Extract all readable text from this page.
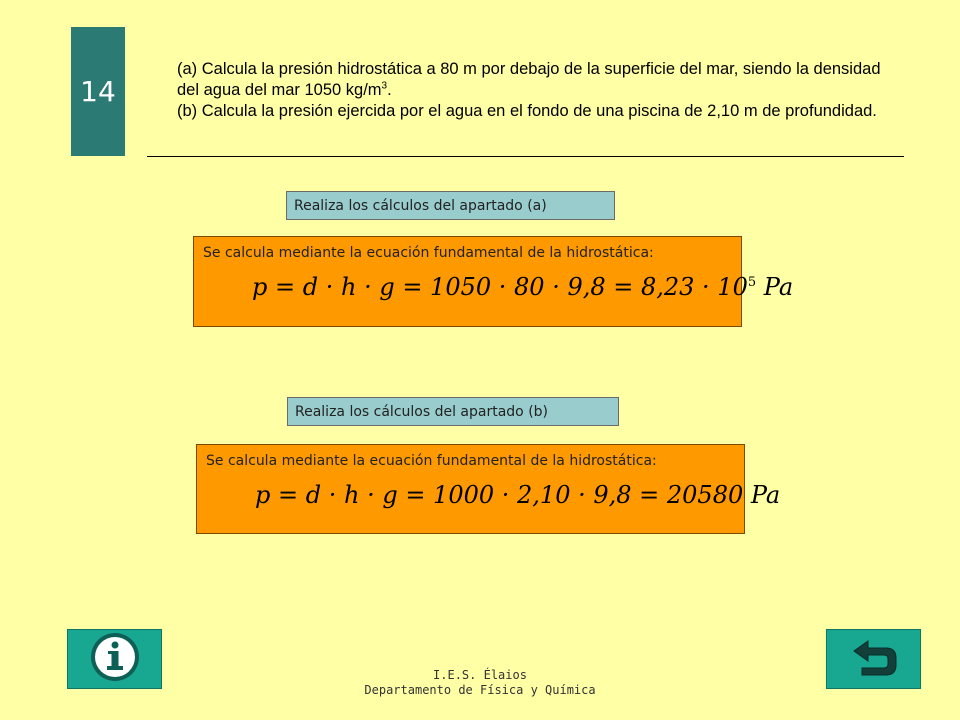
14

(a) Calcula la presión hidrostática a 80 m por debajo de la superficie del mar, siendo la densidad del agua del mar 1050 $kg/m^3$.

(b) Calcula la presión ejercida por el agua en el fondo de una piscina de 2,10 m de profundidad.

Realiza los cálculos del apartado (a)
Se calcula mediante la ecuación fundamental de la hidrostática:
$p = d \cdot h \cdot g = 1050 \cdot 80 \cdot 9,8 = 8,23 \cdot 10^5$ Pa
Realiza los cálculos del apartado (b)
Se calcula mediante la ecuación fundamental de la hidrostática:
p = d · h · g = 1000 · 2,10 · 9,8 = 20580 Pa
I.E.S. Élaios
Departamento de Física y Química
